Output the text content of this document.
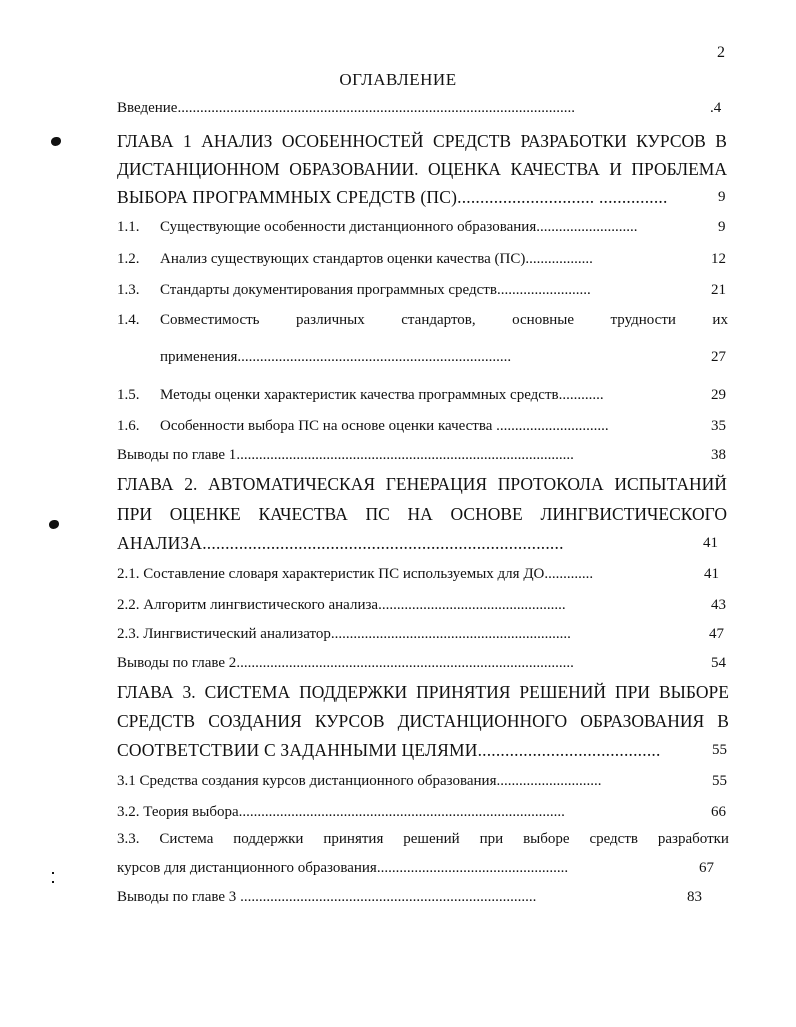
2
ОГЛАВЛЕНИЕ
Введение..........................................................................................................	.4
ГЛАВА 1 АНАЛИЗ ОСОБЕННОСТЕЙ СРЕДСТВ РАЗРАБОТКИ КУРСОВ В
ДИСТАНЦИОННОМ ОБРАЗОВАНИИ. ОЦЕНКА КАЧЕСТВА И ПРОБЛЕМА
ВЫБОРА ПРОГРАММНЫХ СРЕДСТВ (ПС).............................. ...............	9
1.1. Существующие особенности дистанционного образования...........................	9
1.2. Анализ существующих стандартов оценки качества (ПС)..................	12
1.3. Стандарты документирования программных средств.........................	21
1.4. Совместимость различных стандартов, основные трудности их
применения.........................................................................	27
1.5. Методы оценки характеристик качества программных средств............	29
1.6. Особенности выбора ПС на основе оценки качества ..............................	35
Выводы по главе 1..........................................................................................	38
ГЛАВА 2. АВТОМАТИЧЕСКАЯ ГЕНЕРАЦИЯ ПРОТОКОЛА ИСПЫТАНИЙ
ПРИ ОЦЕНКЕ КАЧЕСТВА ПС НА ОСНОВЕ ЛИНГВИСТИЧЕСКОГО
АНАЛИЗА...............................................................................	41
2.1. Составление словаря характеристик ПС используемых для ДО.............	41
2.2. Алгоритм лингвистического анализа..................................................	43
2.3. Лингвистический анализатор................................................................	47
Выводы по главе 2..........................................................................................	54
ГЛАВА 3. СИСТЕМА ПОДДЕРЖКИ ПРИНЯТИЯ РЕШЕНИЙ ПРИ ВЫБОРЕ
СРЕДСТВ СОЗДАНИЯ КУРСОВ ДИСТАНЦИОННОГО ОБРАЗОВАНИЯ В
СООТВЕТСТВИИ С ЗАДАННЫМИ ЦЕЛЯМИ........................................	55
3.1 Средства создания курсов дистанционного образования............................	55
3.2. Теория выбора.......................................................................................	66
3.3. Система поддержки принятия решений при выборе средств разработки
курсов для дистанционного образования...................................................	67
Выводы по главе 3 ...............................................................................	83
